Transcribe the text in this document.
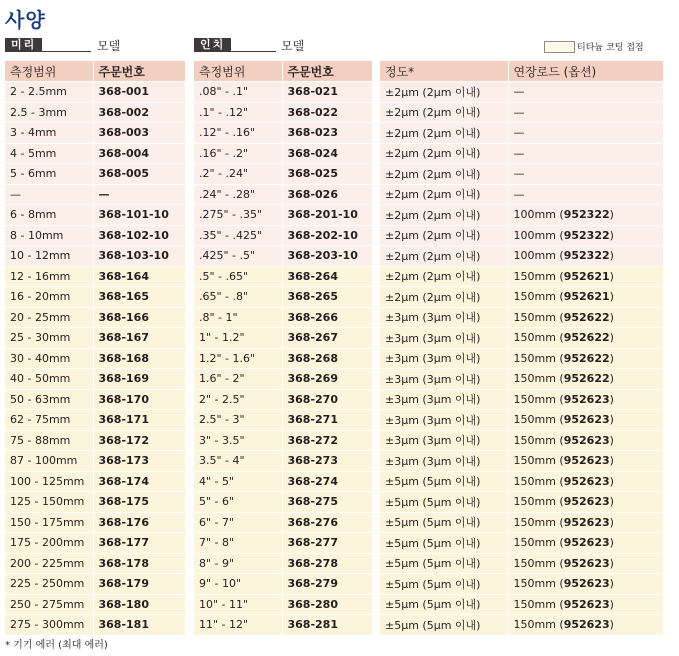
사양
미리	모델	인치	모델	티타늄 코팅 접점
측정범위	주문번호
2 - 2.5mm	368-001
2.5 - 3mm	368-002
3 - 4mm	368-003
4 - 5mm	368-004
5 - 6mm	368-005
—	—
6 - 8mm	368-101-10
8 - 10mm	368-102-10
10 - 12mm	368-103-10
12 - 16mm	368-164
16 - 20mm	368-165
20 - 25mm	368-166
25 - 30mm	368-167
30 - 40mm	368-168
40 - 50mm	368-169
50 - 63mm	368-170
62 - 75mm	368-171
75 - 88mm	368-172
87 - 100mm	368-173
100 - 125mm	368-174
125 - 150mm	368-175
150 - 175mm	368-176
175 - 200mm	368-177
200 - 225mm	368-178
225 - 250mm	368-179
250 - 275mm	368-180
275 - 300mm	368-181
측정범위	주문번호
.08" - .1"	368-021
.1" - .12"	368-022
.12" - .16"	368-023
.16" - .2"	368-024
.2" - .24"	368-025
.24" - .28"	368-026
.275" - .35"	368-201-10
.35" - .425"	368-202-10
.425" - .5"	368-203-10
.5" - .65"	368-264
.65" - .8"	368-265
.8" - 1"	368-266
1" - 1.2"	368-267
1.2" - 1.6"	368-268
1.6" - 2"	368-269
2" - 2.5"	368-270
2.5" - 3"	368-271
3" - 3.5"	368-272
3.5" - 4"	368-273
4" - 5"	368-274
5" - 6"	368-275
6" - 7"	368-276
7" - 8"	368-277
8" - 9"	368-278
9" - 10"	368-279
10" - 11"	368-280
11" - 12"	368-281
정도*	연장로드 (옵션)
±2μm (2μm 이내)	—
±2μm (2μm 이내)	—
±2μm (2μm 이내)	—
±2μm (2μm 이내)	—
±2μm (2μm 이내)	—
±2μm (2μm 이내)	—
±2μm (2μm 이내)	100mm (952322)
±2μm (2μm 이내)	100mm (952322)
±2μm (2μm 이내)	100mm (952322)
±2μm (2μm 이내)	150mm (952621)
±2μm (2μm 이내)	150mm (952621)
±3μm (3μm 이내)	150mm (952622)
±3μm (3μm 이내)	150mm (952622)
±3μm (3μm 이내)	150mm (952622)
±3μm (3μm 이내)	150mm (952622)
±3μm (3μm 이내)	150mm (952623)
±3μm (3μm 이내)	150mm (952623)
±3μm (3μm 이내)	150mm (952623)
±3μm (3μm 이내)	150mm (952623)
±5μm (5μm 이내)	150mm (952623)
±5μm (5μm 이내)	150mm (952623)
±5μm (5μm 이내)	150mm (952623)
±5μm (5μm 이내)	150mm (952623)
±5μm (5μm 이내)	150mm (952623)
±5μm (5μm 이내)	150mm (952623)
±5μm (5μm 이내)	150mm (952623)
±5μm (5μm 이내)	150mm (952623)
* 기기 에러 (최대 에러)
